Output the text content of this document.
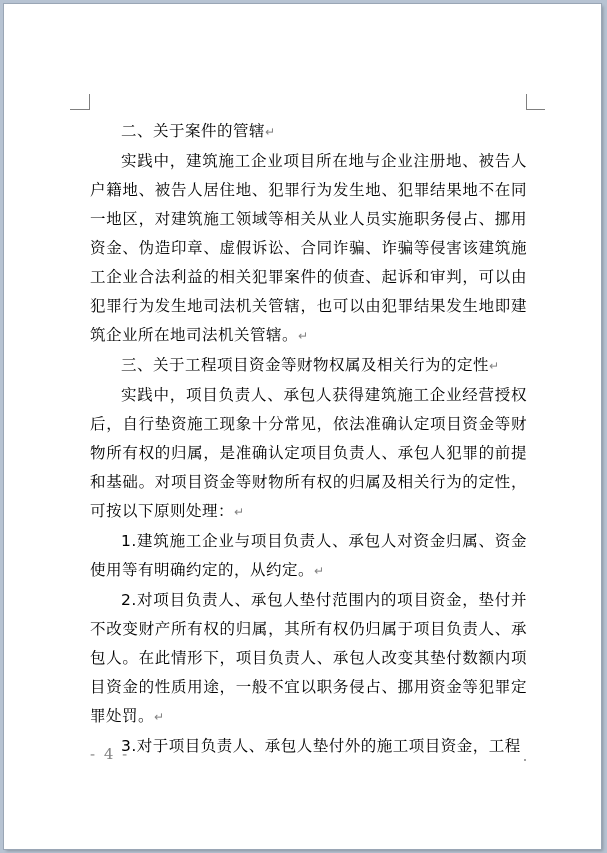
二、关于案件的管辖↵

实践中，建筑施工企业项目所在地与企业注册地、被告人户籍地、被告人居住地、犯罪行为发生地、犯罪结果地不在同一地区，对建筑施工领域等相关从业人员实施职务侵占、挪用资金、伪造印章、虚假诉讼、合同诈骗、诈骗等侵害该建筑施工企业合法利益的相关犯罪案件的侦查、起诉和审判，可以由犯罪行为发生地司法机关管辖，也可以由犯罪结果发生地即建筑企业所在地司法机关管辖。↵

三、关于工程项目资金等财物权属及相关行为的定性↵

实践中，项目负责人、承包人获得建筑施工企业经营授权后，自行垫资施工现象十分常见，依法准确认定项目资金等财物所有权的归属，是准确认定项目负责人、承包人犯罪的前提和基础。对项目资金等财物所有权的归属及相关行为的定性，可按以下原则处理：↵

1.建筑施工企业与项目负责人、承包人对资金归属、资金使用等有明确约定的，从约定。↵

2.对项目负责人、承包人垫付范围内的项目资金，垫付并不改变财产所有权的归属，其所有权仍归属于项目负责人、承包人。在此情形下，项目负责人、承包人改变其垫付数额内项目资金的性质用途，一般不宜以职务侵占、挪用资金等犯罪定罪处罚。↵

3.对于项目负责人、承包人垫付外的施工项目资金，工程

- 4 -
